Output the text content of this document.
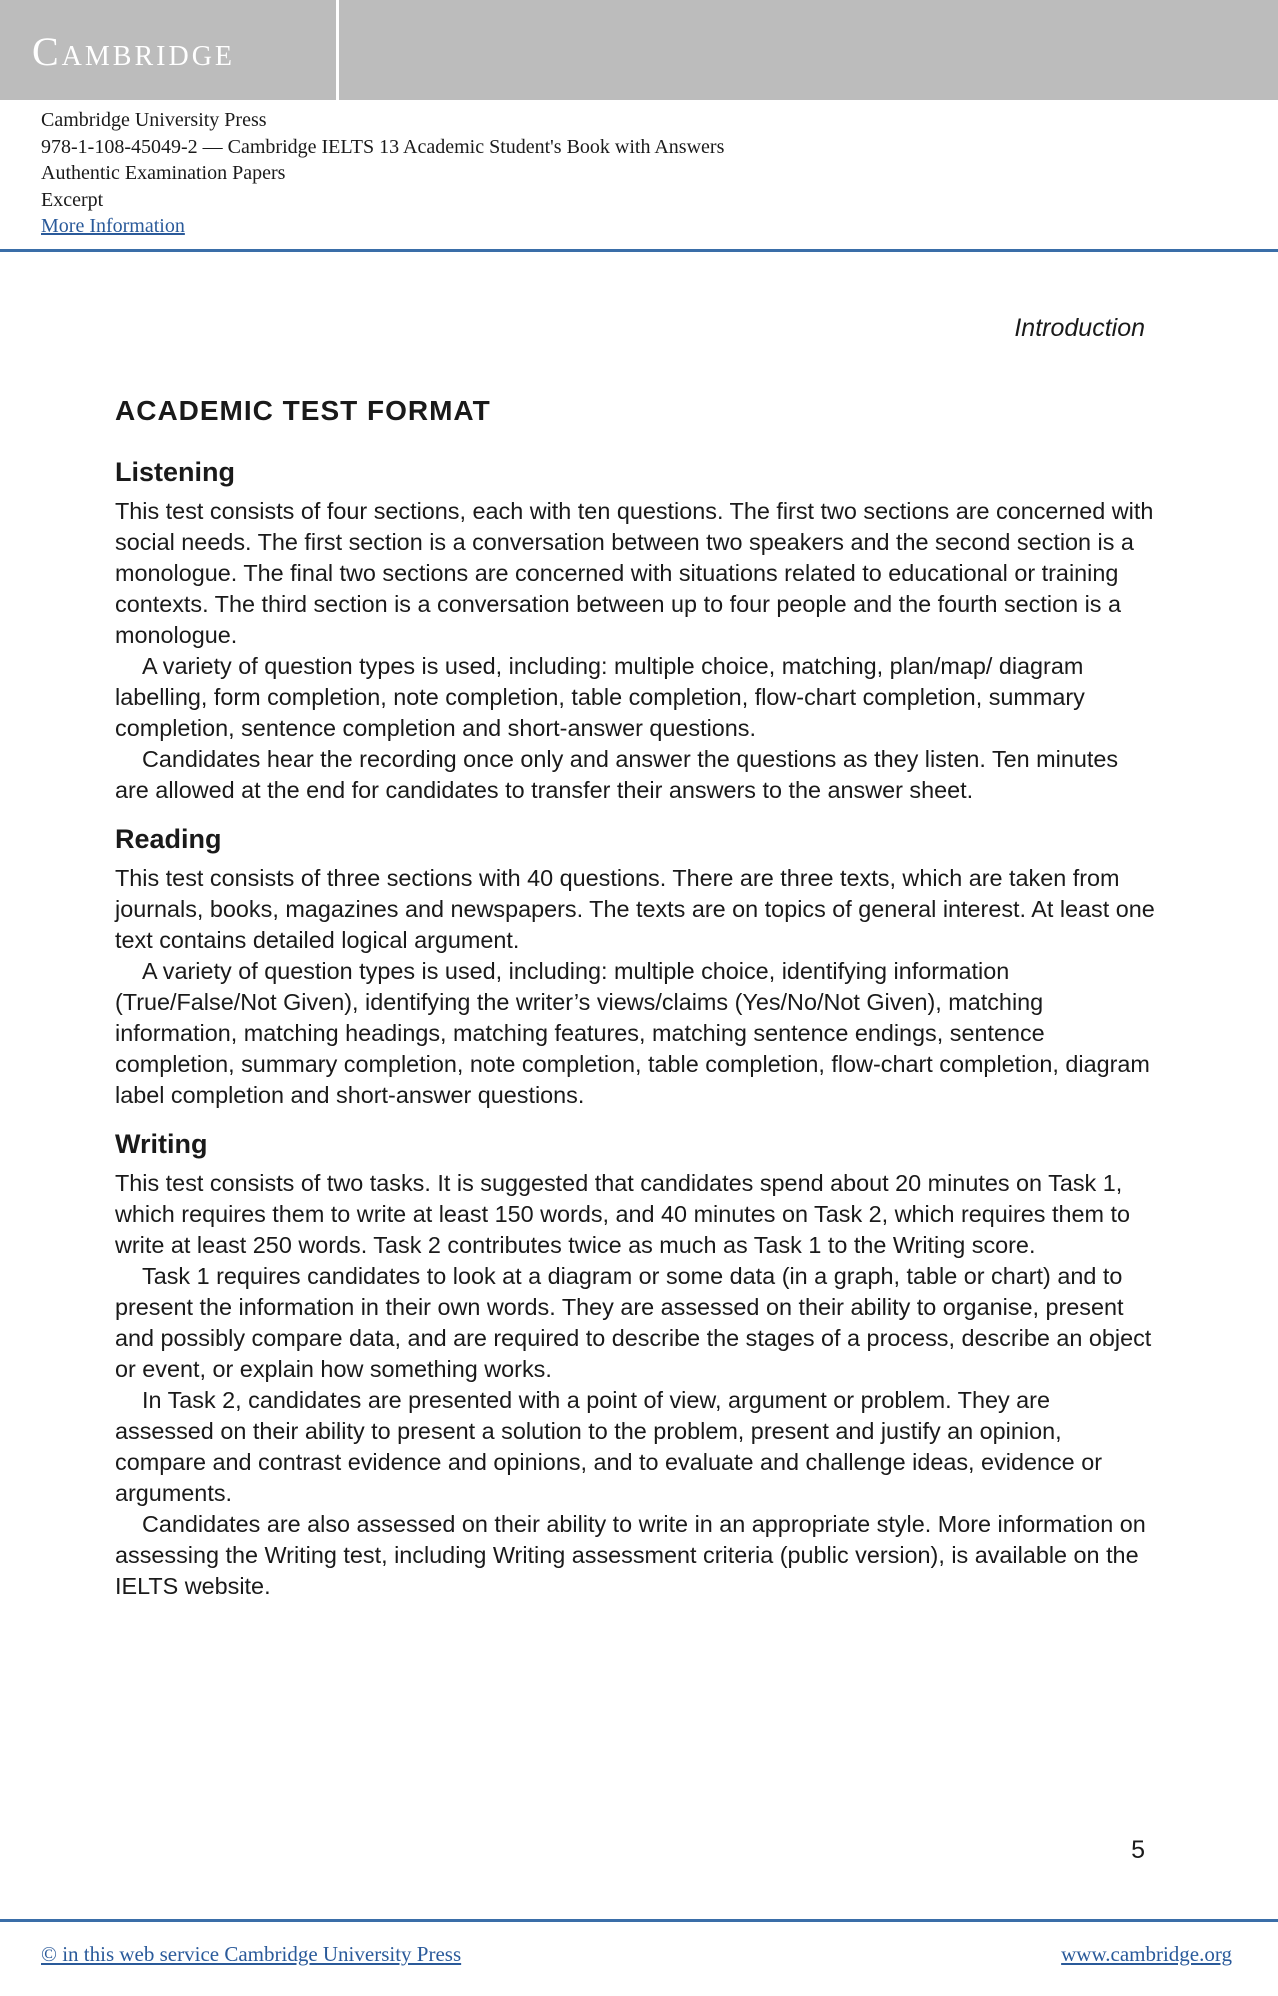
Cambridge
Cambridge University Press
978-1-108-45049-2 — Cambridge IELTS 13 Academic Student's Book with Answers
Authentic Examination Papers
Excerpt
More Information
Introduction
ACADEMIC TEST FORMAT
Listening

This test consists of four sections, each with ten questions. The first two sections are concerned with social needs. The first section is a conversation between two speakers and the second section is a monologue. The final two sections are concerned with situations related to educational or training contexts. The third section is a conversation between up to four people and the fourth section is a monologue.

A variety of question types is used, including: multiple choice, matching, plan/map/ diagram labelling, form completion, note completion, table completion, flow-chart completion, summary completion, sentence completion and short-answer questions.

Candidates hear the recording once only and answer the questions as they listen. Ten minutes are allowed at the end for candidates to transfer their answers to the answer sheet.

Reading

This test consists of three sections with 40 questions. There are three texts, which are taken from journals, books, magazines and newspapers. The texts are on topics of general interest. At least one text contains detailed logical argument.

A variety of question types is used, including: multiple choice, identifying information (True/False/Not Given), identifying the writer’s views/claims (Yes/No/Not Given), matching information, matching headings, matching features, matching sentence endings, sentence completion, summary completion, note completion, table completion, flow-chart completion, diagram label completion and short-answer questions.

Writing

This test consists of two tasks. It is suggested that candidates spend about 20 minutes on Task 1, which requires them to write at least 150 words, and 40 minutes on Task 2, which requires them to write at least 250 words. Task 2 contributes twice as much as Task 1 to the Writing score.

Task 1 requires candidates to look at a diagram or some data (in a graph, table or chart) and to present the information in their own words. They are assessed on their ability to organise, present and possibly compare data, and are required to describe the stages of a process, describe an object or event, or explain how something works.

In Task 2, candidates are presented with a point of view, argument or problem. They are assessed on their ability to present a solution to the problem, present and justify an opinion, compare and contrast evidence and opinions, and to evaluate and challenge ideas, evidence or arguments.

Candidates are also assessed on their ability to write in an appropriate style. More information on assessing the Writing test, including Writing assessment criteria (public version), is available on the IELTS website.

5
© in this web service Cambridge University Press	www.cambridge.org
